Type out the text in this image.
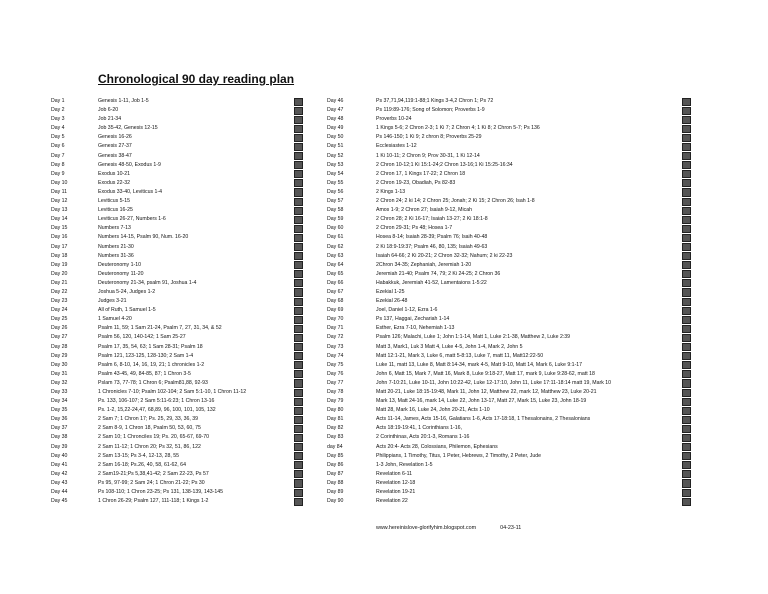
Chronological 90 day reading plan
Day 1	Genesis 1-11, Job 1-5
Day 2	Job 6-20
Day 3	Job 21-34
Day 4	Job 35-42, Genesis 12-15
Day 5	Genesis 16-26
Day 6	Genesis 27-37
Day 7	Genesis 38-47
Day 8	Genesis 48-50, Exodus 1-9
Day 9	Exodus 10-21
Day 10	Exodus 22-32
Day 11	Exodus 33-40, Leviticus 1-4
Day 12	Leviticus 5-15
Day 13	Leviticus 16-25
Day 14	Leviticus 26-27, Numbers 1-6
Day 15	Numbers 7-13
Day 16	Numbers 14-15, Psalm 90, Num. 16-20
Day 17	Numbers 21-30
Day 18	Numbers 31-36
Day 19	Deuteronomy 1-10
Day 20	Deuteronomy 11-20
Day 21	Deuteronomy 21-34, psalm 91, Joshua 1-4
Day 22	Joshua 5-24, Judges 1-2
Day 23	Judges 3-21
Day 24	All of Ruth, 1 Samuel 1-5
Day 25	1 Samuel 4-20
Day 26	Psalm 11, 59; 1 Sam 21-24, Psalm 7, 27, 31, 34, & 52
Day 27	Psalm 56, 120, 140-142; 1 Sam 25-27
Day 28	Psalm 17, 35, 54, 63; 1 Sam 28-31; Psalm 18
Day 29	Psalm 121, 123-125, 128-130; 2 Sam 1-4
Day 30	Psalm 6, 8-10, 14, 16, 19, 21; 1 chronicles 1-2
Day 31	Psalm 43-45, 49, 84-85, 87; 1 Chron 3-5
Day 32	Pslam 73, 77-78; 1 Chron 6; Psalm81,88, 92-93
Day 33	1 Chronicles 7-10; Psalm 102-104; 2 Sam 5:1-10, 1 Chron 11-12
Day 34	Ps. 133, 106-107; 2 Sam 5:11-6:23; 1 Chron 13-16
Day 35	Ps. 1-2, 15,22-24,47, 68,89, 96, 100, 101, 105, 132
Day 36	2 Sam 7; 1 Chron 17; Ps. 25, 29, 33, 36, 39
Day 37	2 Sam 8-9, 1 Chron 18, Psalm 50, 53, 60, 75
Day 38	2 Sam 10; 1 Chronciles 19; Ps. 20, 65-67, 69-70
Day 39	2 Sam 11-12; 1 Chron 20; Ps 32, 51, 86, 122
Day 40	2 Sam 13-15; Ps 3-4, 12-13, 28, 55
Day 41	2 Sam 16-18; Ps.26, 40, 58, 61-62, 64
Day 42	2 Sam19-21;Ps 5,38,41-42; 2 Sam 22-23, Ps 57
Day 43	Ps 95, 97-99; 2 Sam 24; 1 Chron 21-22; Ps 30
Day 44	Ps 108-110; 1 Chron 23-25; Ps 131, 138-139, 143-145
Day 45	1 Chron 26-29; Psalm 127, 111-118; 1 Kings 1-2
Day 46	Ps 37,71,94,119:1-88;1 Kings 3-4,2 Chron 1; Ps 72
Day 47	Ps 119:89-176; Song of Solomon; Proverbs 1-9
Day 48	Proverbs 10-24
Day 49	1 Kings 5-6; 2 Chron 2-3; 1 Ki 7; 2 Chron 4; 1 Ki 8; 2 Chron 5-7; Ps 136
Day 50	Ps 146-150; 1 Ki 9; 2 chron 8; Proverbs 25-29
Day 51	Ecclesiastes 1-12
Day 52	1 Ki 10-11; 2 Chron 9; Prov 30-31, 1 Ki 12-14
Day 53	2 Chron 10-12;1 Ki 15:1-24;2 Chron 13-16;1 Ki 15:25-16:34
Day 54	2 Chron 17, 1 Kings 17-22; 2 Chron 18
Day 55	2 Chron 19-23, Obadiah, Ps 82-83
Day 56	2 Kings 1-13
Day 57	2 Chron 24; 2 ki 14; 2 Chron 25; Jonah; 2 Ki 15; 2 Chron 26; Isah 1-8
Day 58	Amos 1-9; 2 Chron 27; Isaiah 9-12, Micah
Day 59	2 Chron 28; 2 Ki 16-17; Isaiah 13-27; 2 Ki 18:1-8
Day 60	2 Chron 29-31; Ps 48; Hosea 1-7
Day 61	Hosea 8-14; Isaiah 28-39; Psalm 76; Isaih 40-48
Day 62	2 Ki 18:9-19:37; Psalm 46, 80, 135; Isaiah 49-63
Day 63	Isaiah 64-66; 2 Ki 20-21; 2 Chron 32-32; Nahum; 2 ki 22-23
Day 64	2Chron 34-35; Zephaniah, Jeremiah 1-20
Day 65	Jeremiah 21-40; Psalm 74, 79; 2 Ki 24-25; 2 Chron 36
Day 66	Habakkuk, Jeremiah 41-52, Lamentaions 1-5:22
Day 67	Ezekial 1-25
Day 68	Ezekial 26-48
Day 69	Joel, Daniel 1-12, Ezra 1-6
Day 70	Ps 137, Haggai, Zechariah 1-14
Day 71	Esther, Ezra 7-10, Nehemiah 1-13
Day 72	Psalm 126; Malachi, Luke 1; John 1:1-14, Matt 1, Luke 2:1-38, Matthew 2, Luke 2:39
Day 73	Matt 3, Mark1, Luk 3 Matt 4, Luke 4-5, John 1-4, Mark 2, John 5
Day 74	Matt 12:1-21, Mark 3, Luke 6, matt 5-8:13, Luke 7, matt 11, Matt12:22-50
Day 75	Luke 11, matt 13, Luke 8, Matt 8:14-34, mark 4-5, Matt 9-10, Matt 14, Mark 6, Luke 9:1-17
Day 76	John 6, Matt 15, Mark 7, Matt 16, Mark 8, Luke 9:18-27, Matt 17, mark 9, Luke 9:28-62, matt 18
Day 77	John 7-10:21, Luke 10-11, John 10:22-42, Luke 12-17:10, John 11, Luke 17:11-18:14 matt 19, Mark 10
Day 78	Matt 20-21, Luke 18:15-19:48, Mark 11, John 12, Matthew 22, mark 12, Matthew 23, Luke 20-21
Day 79	Mark 13, Matt 24-16, mark 14, Luke 22, John 13-17, Matt 27, Mark 15, Luke 23, John 18-19
Day 80	Matt 28, Mark 16, Luke 24, John 20-21, Acts 1-10
Day 81	Acts 11-14, James, Acts 15-16, Galatians 1-6, Acts 17-18:18, 1 Thesalonains, 2 Thesalonians
Day 82	Acts 18:19-19:41, 1 Corinthians 1-16,
Day 83	2 Corinthinas, Acts 20:1-3, Romans 1-16
day 84	Acts 20:4- Acts 28, Colossians, Philemon, Ephesians
Day 85	Philippians, 1 Timothy, Titus, 1 Peter, Hebrews, 2 Timothy, 2 Peter, Jude
Day 86	1-3 John, Revelation 1-5
Day 87	Revelation 6-11
Day 88	Revelation 12-18
Day 89	Revelation 19-21
Day 90	Revelation 22
www.hereinislove-glorifyhim.blogspot.com	04-23-11
